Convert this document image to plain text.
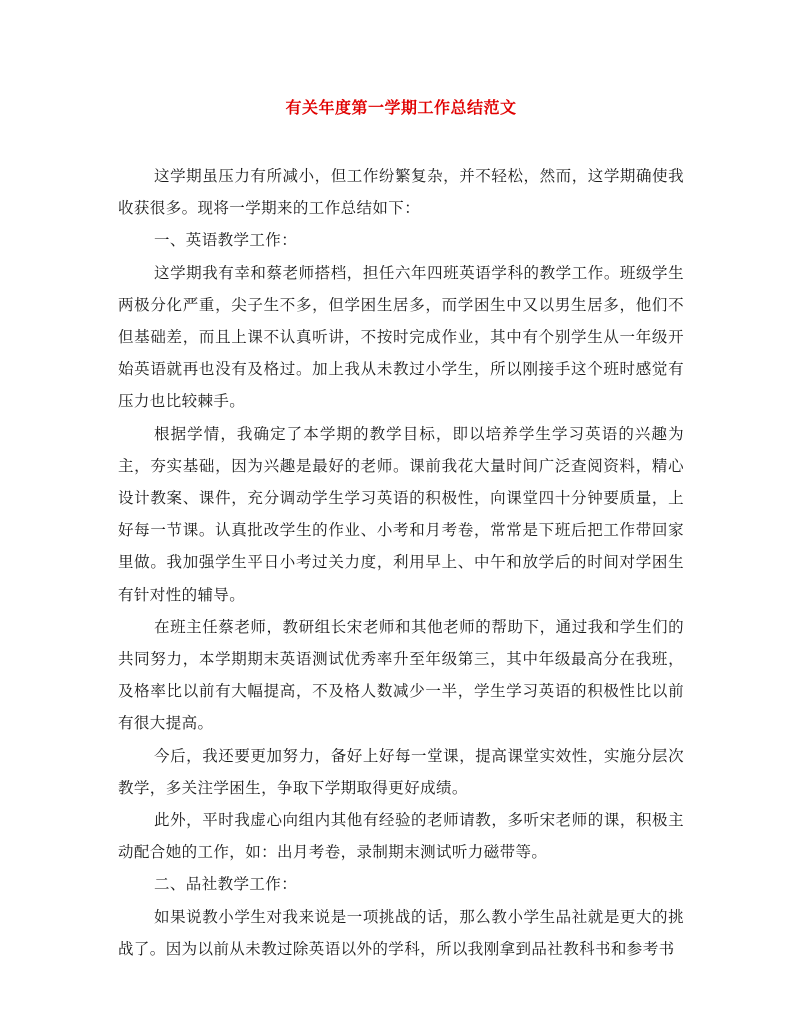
有关年度第一学期工作总结范文

这学期虽压力有所减小，但工作纷繁复杂，并不轻松，然而，这学期确使我收获很多。现将一学期来的工作总结如下：

一、英语教学工作：

这学期我有幸和蔡老师搭档，担任六年四班英语学科的教学工作。班级学生两极分化严重，尖子生不多，但学困生居多，而学困生中又以男生居多，他们不但基础差，而且上课不认真听讲，不按时完成作业，其中有个别学生从一年级开始英语就再也没有及格过。加上我从未教过小学生，所以刚接手这个班时感觉有压力也比较棘手。

根据学情，我确定了本学期的教学目标，即以培养学生学习英语的兴趣为主，夯实基础，因为兴趣是最好的老师。课前我花大量时间广泛查阅资料，精心设计教案、课件，充分调动学生学习英语的积极性，向课堂四十分钟要质量，上好每一节课。认真批改学生的作业、小考和月考卷，常常是下班后把工作带回家里做。我加强学生平日小考过关力度，利用早上、中午和放学后的时间对学困生有针对性的辅导。

在班主任蔡老师，教研组长宋老师和其他老师的帮助下，通过我和学生们的共同努力，本学期期末英语测试优秀率升至年级第三，其中年级最高分在我班，及格率比以前有大幅提高，不及格人数减少一半，学生学习英语的积极性比以前有很大提高。

今后，我还要更加努力，备好上好每一堂课，提高课堂实效性，实施分层次教学，多关注学困生，争取下学期取得更好成绩。

此外，平时我虚心向组内其他有经验的老师请教，多听宋老师的课，积极主动配合她的工作，如：出月考卷，录制期末测试听力磁带等。

二、品社教学工作：

如果说教小学生对我来说是一项挑战的话，那么教小学生品社就是更大的挑战了。因为以前从未教过除英语以外的学科，所以我刚拿到品社教科书和参考书
